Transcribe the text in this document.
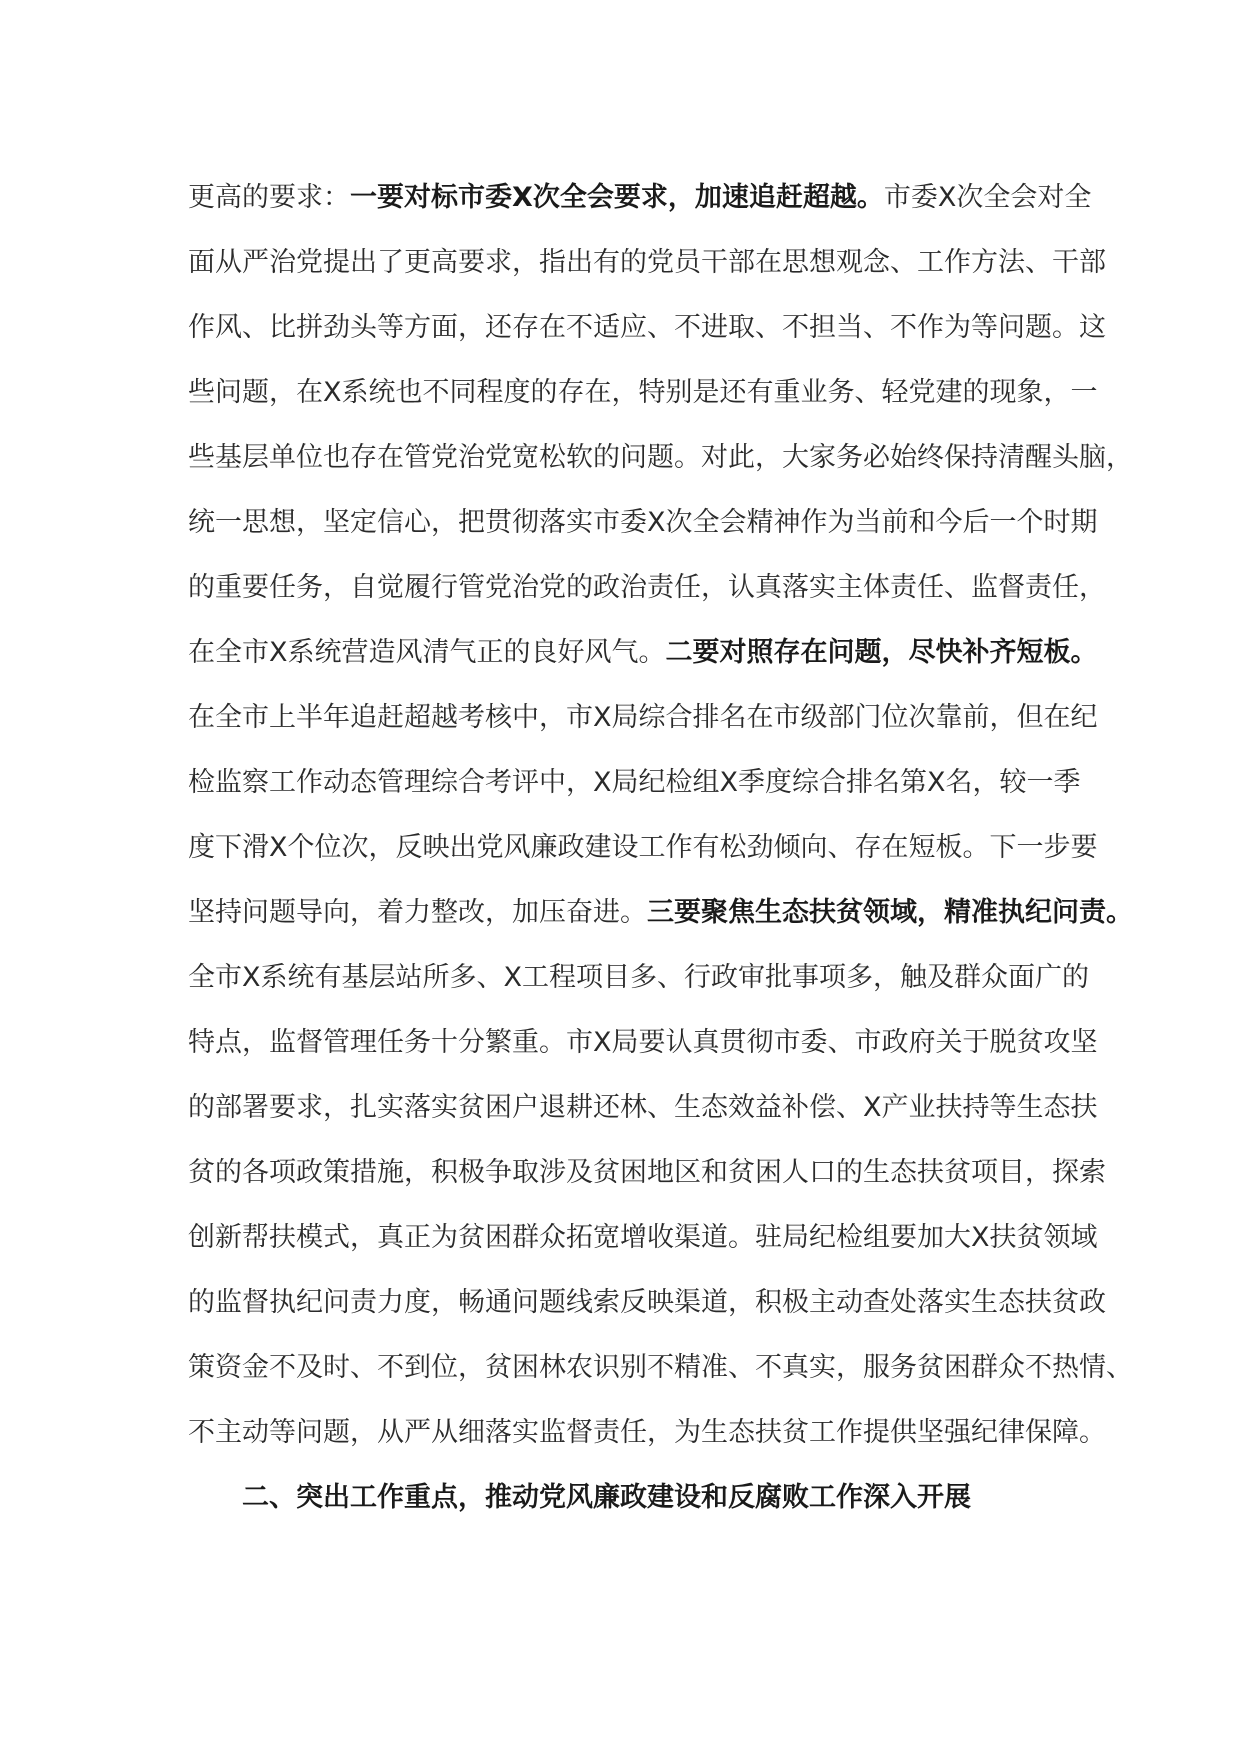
更高的要求：一要对标市委X次全会要求，加速追赶超越。市委X次全会对全
面从严治党提出了更高要求，指出有的党员干部在思想观念、工作方法、干部
作风、比拼劲头等方面，还存在不适应、不进取、不担当、不作为等问题。这
些问题，在X系统也不同程度的存在，特别是还有重业务、轻党建的现象，一
些基层单位也存在管党治党宽松软的问题。对此，大家务必始终保持清醒头脑，
统一思想，坚定信心，把贯彻落实市委X次全会精神作为当前和今后一个时期
的重要任务，自觉履行管党治党的政治责任，认真落实主体责任、监督责任，
在全市X系统营造风清气正的良好风气。二要对照存在问题，尽快补齐短板。
在全市上半年追赶超越考核中，市X局综合排名在市级部门位次靠前，但在纪
检监察工作动态管理综合考评中，X局纪检组X季度综合排名第X名，较一季
度下滑X个位次，反映出党风廉政建设工作有松劲倾向、存在短板。下一步要
坚持问题导向，着力整改，加压奋进。三要聚焦生态扶贫领域，精准执纪问责。
全市X系统有基层站所多、X工程项目多、行政审批事项多，触及群众面广的
特点，监督管理任务十分繁重。市X局要认真贯彻市委、市政府关于脱贫攻坚
的部署要求，扎实落实贫困户退耕还林、生态效益补偿、X产业扶持等生态扶
贫的各项政策措施，积极争取涉及贫困地区和贫困人口的生态扶贫项目，探索
创新帮扶模式，真正为贫困群众拓宽增收渠道。驻局纪检组要加大X扶贫领域
的监督执纪问责力度，畅通问题线索反映渠道，积极主动查处落实生态扶贫政
策资金不及时、不到位，贫困林农识别不精准、不真实，服务贫困群众不热情、
不主动等问题，从严从细落实监督责任，为生态扶贫工作提供坚强纪律保障。
二、突出工作重点，推动党风廉政建设和反腐败工作深入开展
